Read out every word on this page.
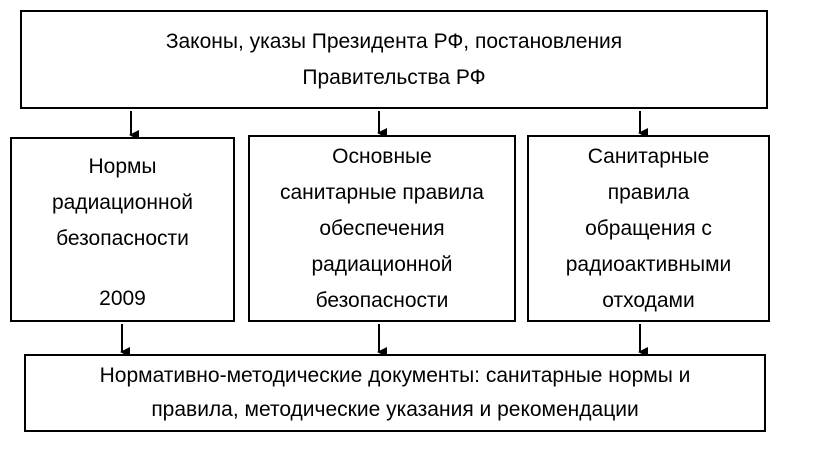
Законы, указы Президента РФ, постановления
Правительства РФ
Нормы
радиационной
безопасности
2009
Основные
санитарные правила
обеспечения
радиационной
безопасности
Санитарные
правила
обращения с
радиоактивными
отходами
Нормативно-методические документы: санитарные нормы и
правила, методические указания и рекомендации
